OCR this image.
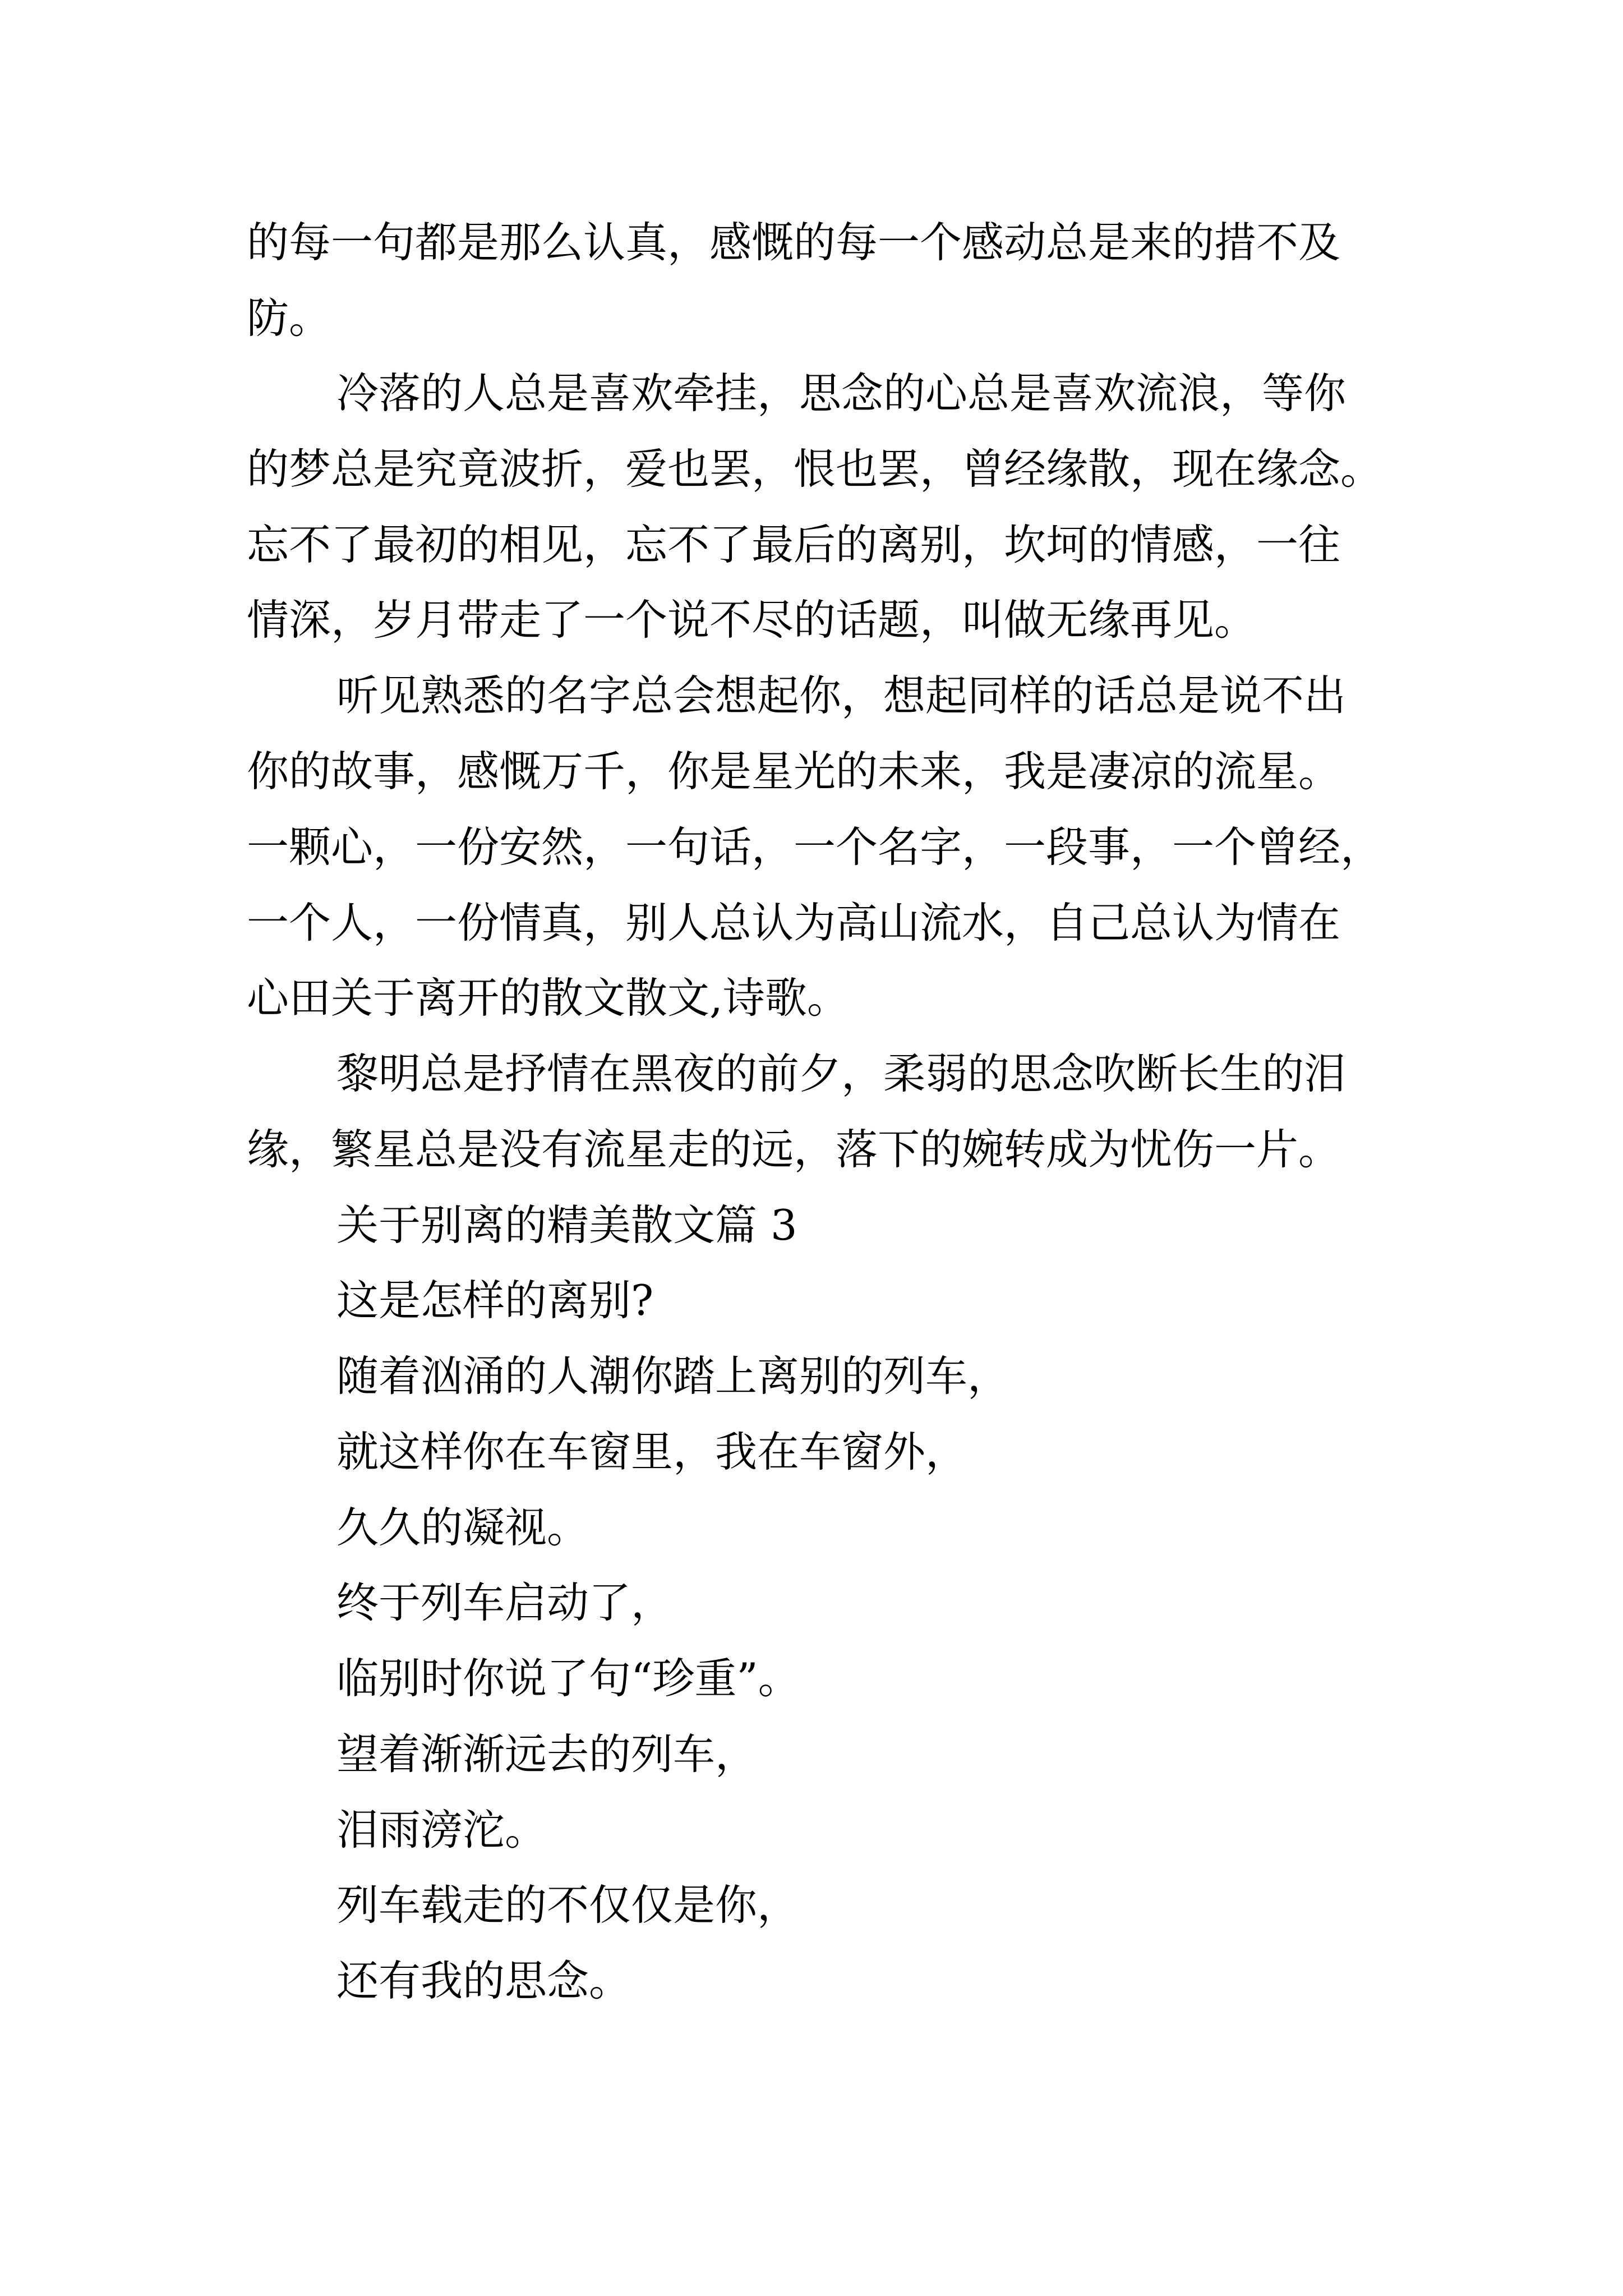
的每一句都是那么认真，感慨的每一个感动总是来的措不及

防。

冷落的人总是喜欢牵挂，思念的心总是喜欢流浪，等你

的梦总是究竟波折，爱也罢，恨也罢，曾经缘散，现在缘念。

忘不了最初的相见，忘不了最后的离别，坎坷的情感，一往

情深，岁月带走了一个说不尽的话题，叫做无缘再见。

听见熟悉的名字总会想起你，想起同样的话总是说不出

你的故事，感慨万千，你是星光的未来，我是凄凉的流星。

一颗心，一份安然，一句话，一个名字，一段事，一个曾经，

一个人，一份情真，别人总认为高山流水，自己总认为情在

心田关于离开的散文散文,诗歌。

黎明总是抒情在黑夜的前夕，柔弱的思念吹断长生的泪

缘，繁星总是没有流星走的远，落下的婉转成为忧伤一片。

关于别离的精美散文篇 3

这是怎样的离别?

随着汹涌的人潮你踏上离别的列车，

就这样你在车窗里，我在车窗外，

久久的凝视。

终于列车启动了，

临别时你说了句“珍重”。

望着渐渐远去的列车，

泪雨滂沱。

列车载走的不仅仅是你，

还有我的思念。
